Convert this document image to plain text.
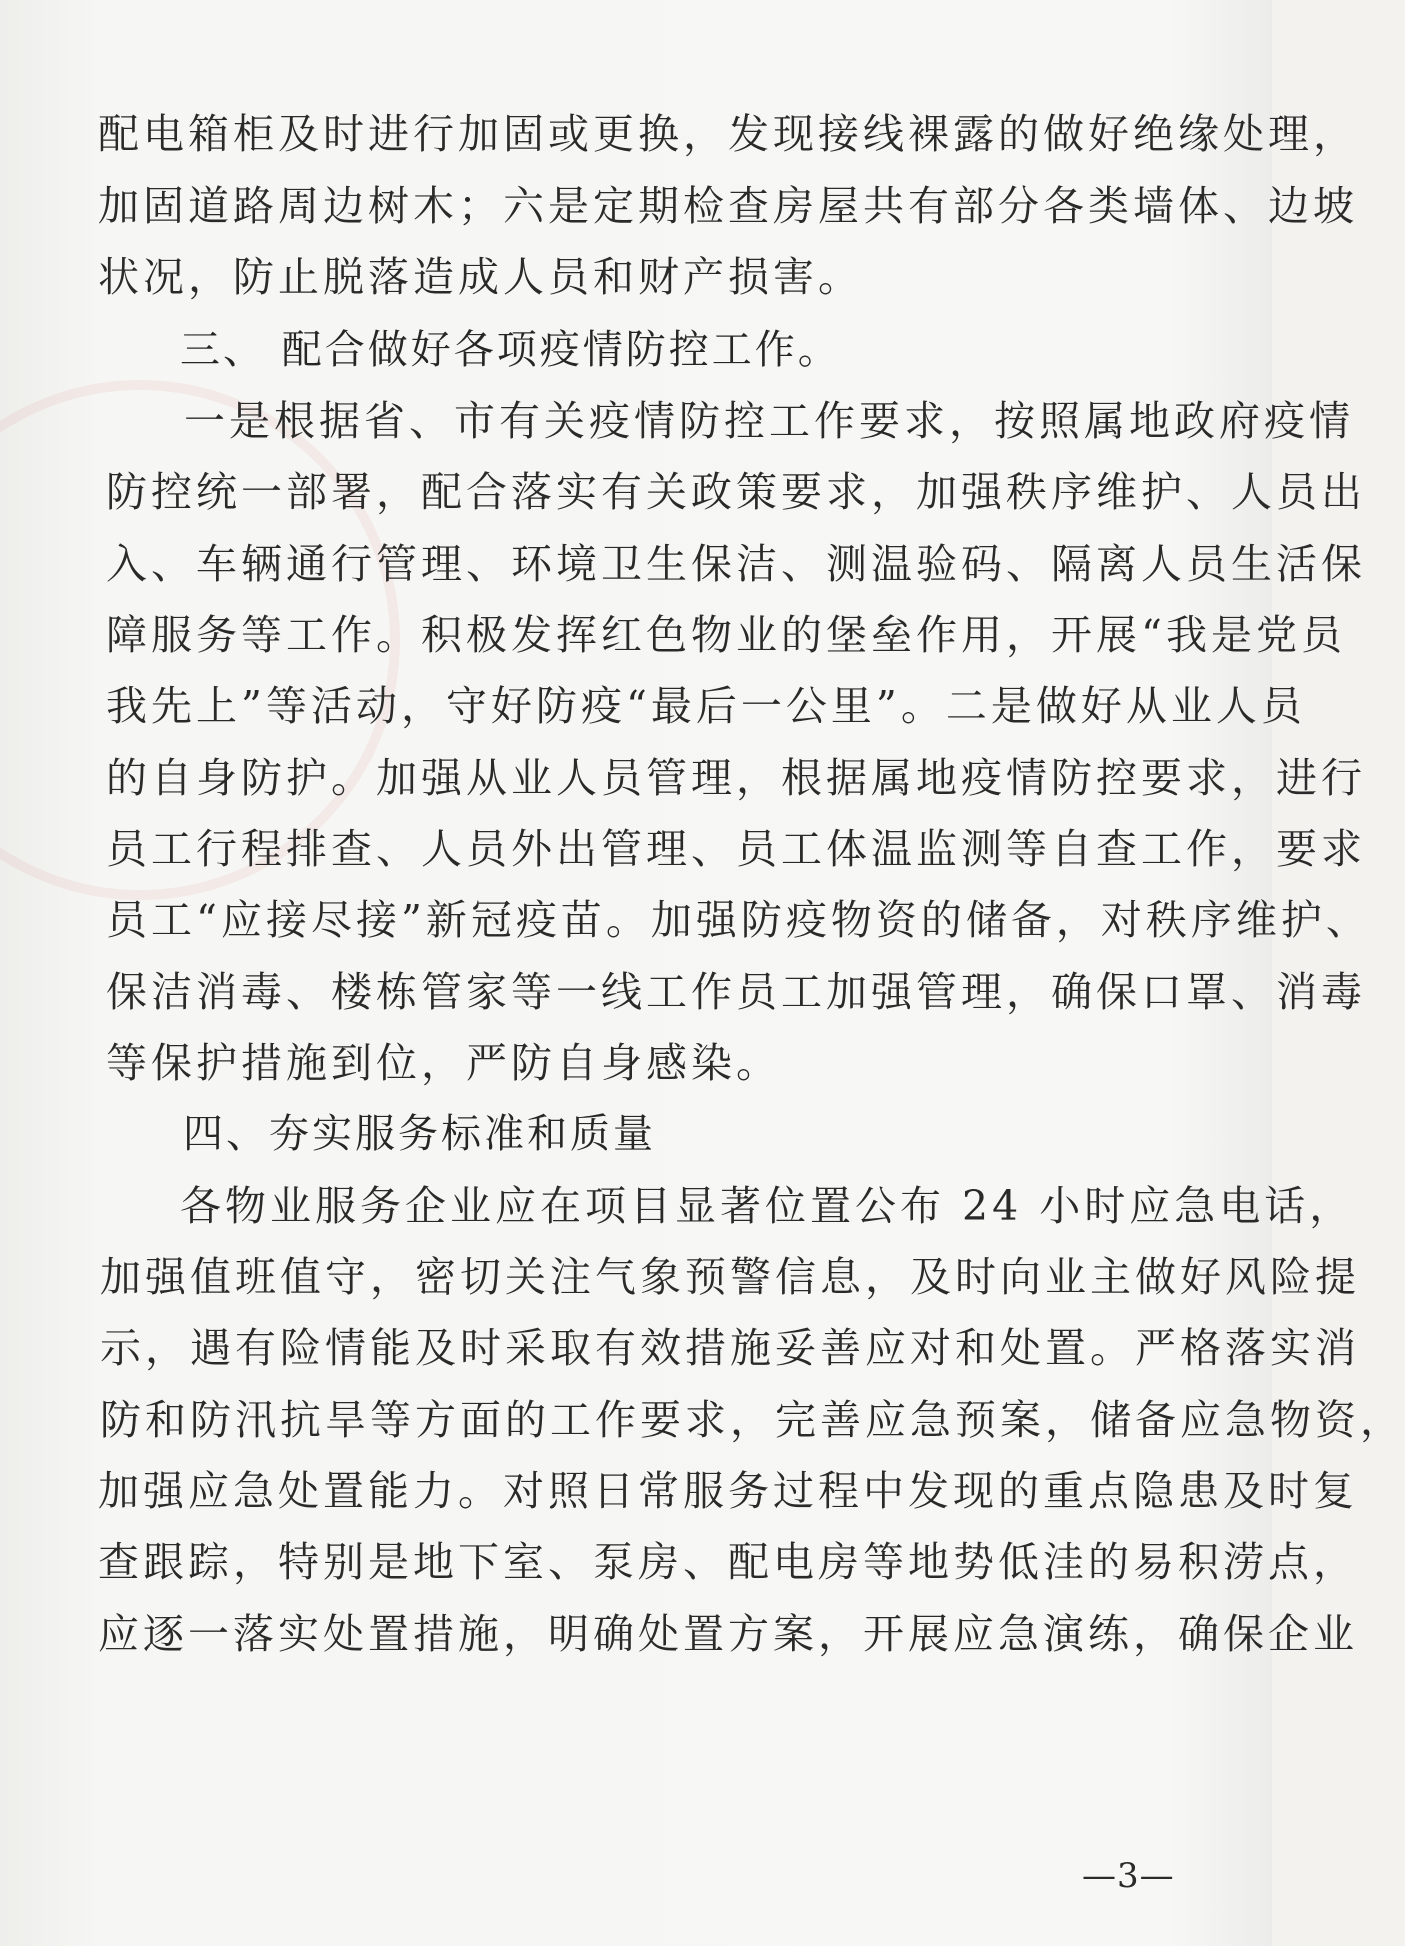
配电箱柜及时进行加固或更换，发现接线裸露的做好绝缘处理，
加固道路周边树木；六是定期检查房屋共有部分各类墙体、边坡
状况，防止脱落造成人员和财产损害。
三、 配合做好各项疫情防控工作。
一是根据省、市有关疫情防控工作要求，按照属地政府疫情
防控统一部署，配合落实有关政策要求，加强秩序维护、人员出
入、车辆通行管理、环境卫生保洁、测温验码、隔离人员生活保
障服务等工作。积极发挥红色物业的堡垒作用，开展“我是党员
我先上”等活动，守好防疫“最后一公里”。二是做好从业人员
的自身防护。加强从业人员管理，根据属地疫情防控要求，进行
员工行程排查、人员外出管理、员工体温监测等自查工作，要求
员工“应接尽接”新冠疫苗。加强防疫物资的储备，对秩序维护、
保洁消毒、楼栋管家等一线工作员工加强管理，确保口罩、消毒
等保护措施到位，严防自身感染。
四、夯实服务标准和质量
各物业服务企业应在项目显著位置公布 24 小时应急电话，
加强值班值守，密切关注气象预警信息，及时向业主做好风险提
示，遇有险情能及时采取有效措施妥善应对和处置。严格落实消
防和防汛抗旱等方面的工作要求，完善应急预案，储备应急物资，
加强应急处置能力。对照日常服务过程中发现的重点隐患及时复
查跟踪，特别是地下室、泵房、配电房等地势低洼的易积涝点，
应逐一落实处置措施，明确处置方案，开展应急演练，确保企业
—3—
